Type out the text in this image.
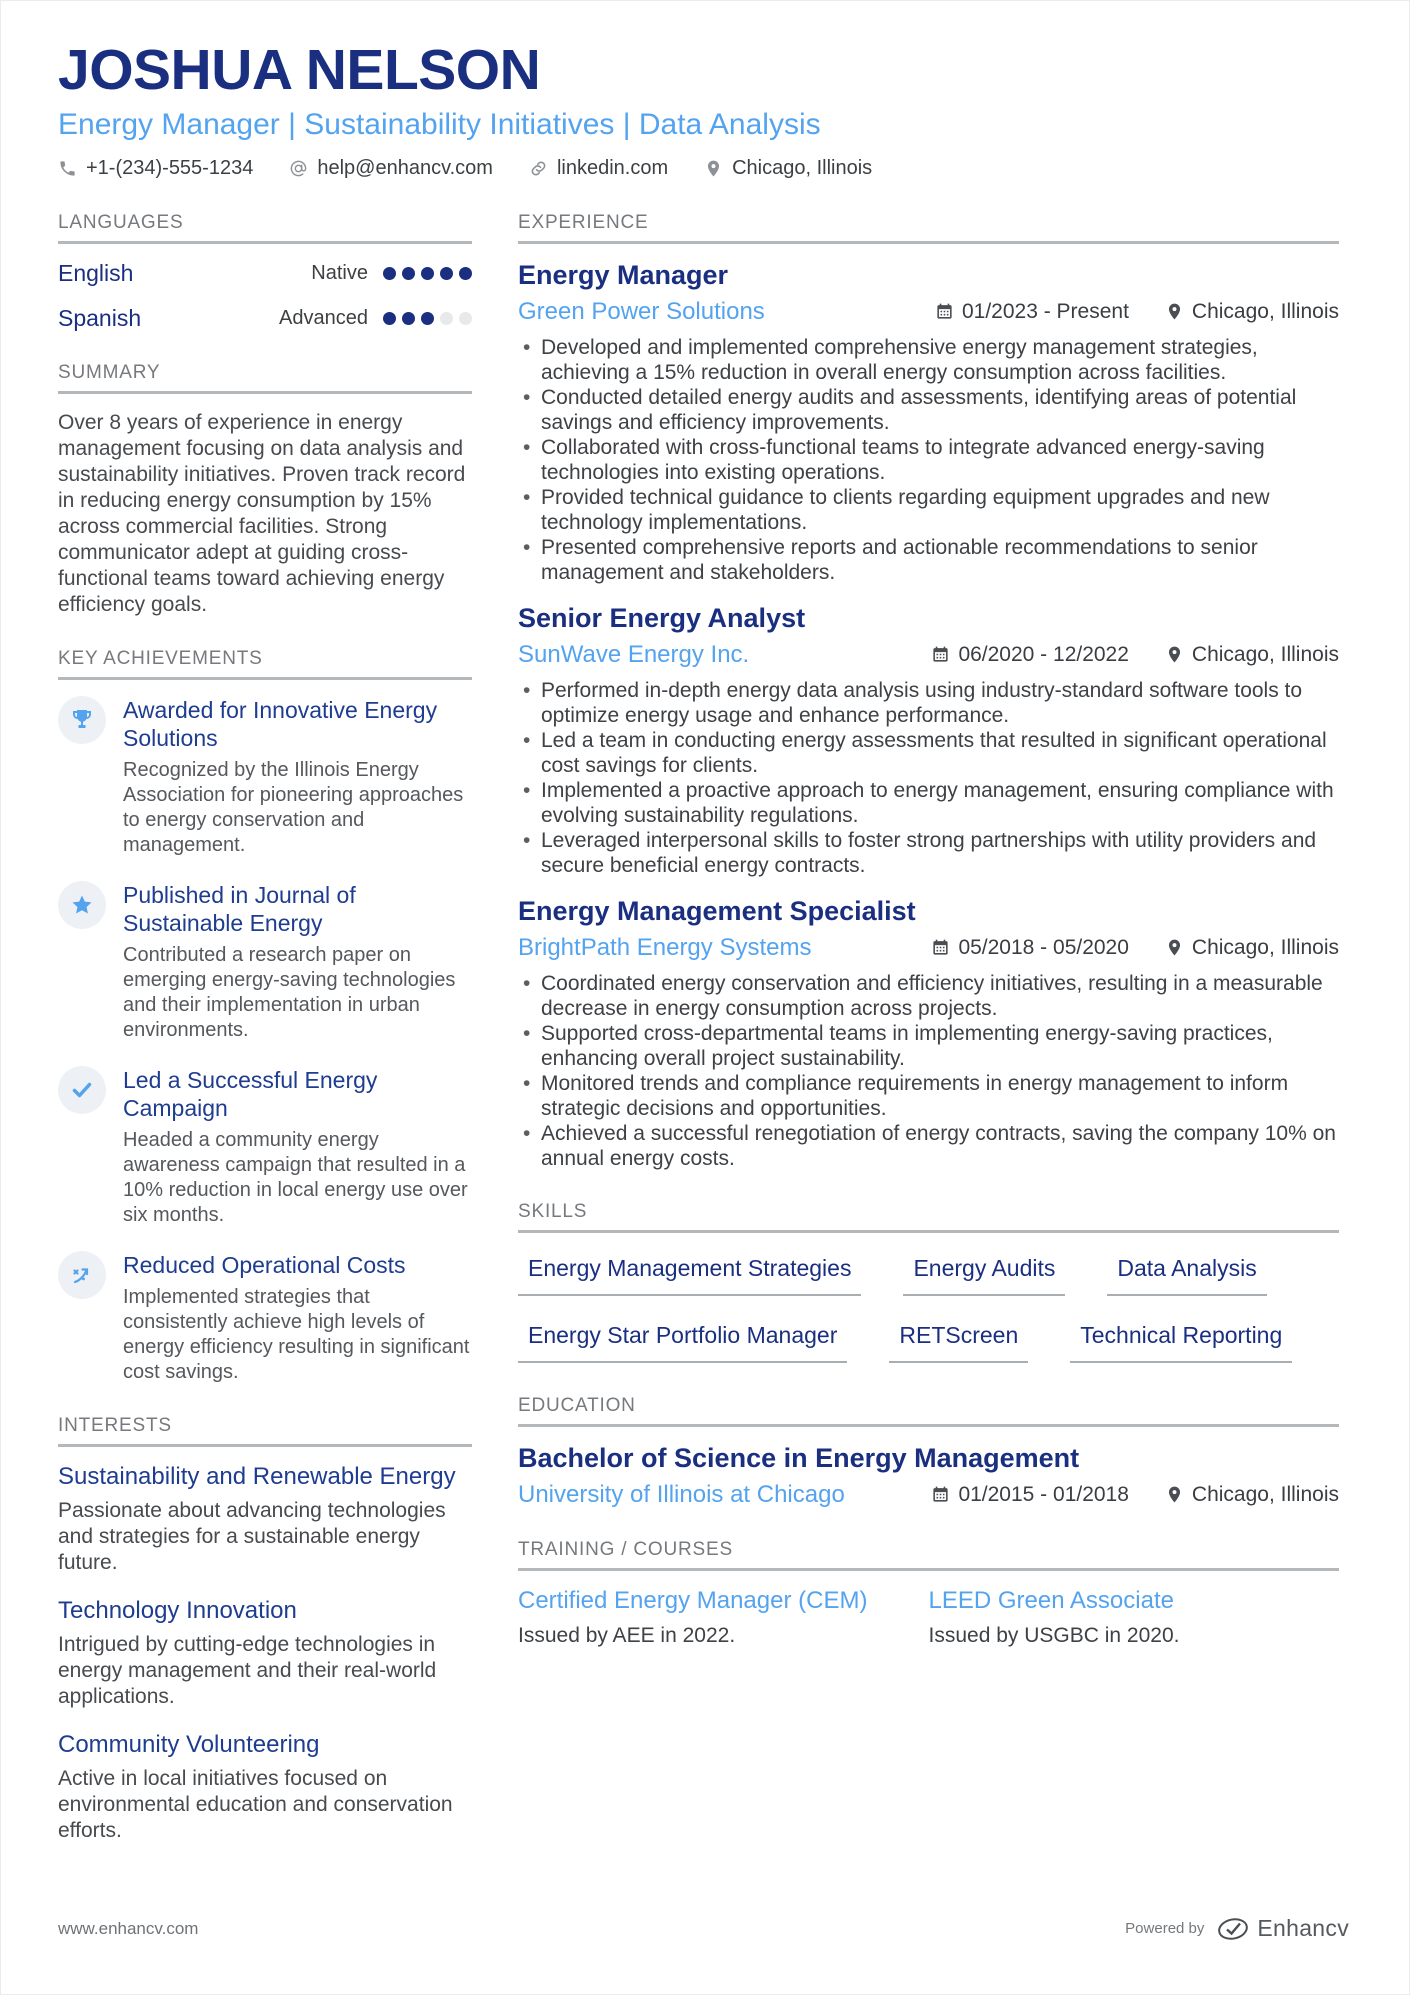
JOSHUA NELSON
Energy Manager | Sustainability Initiatives | Data Analysis
+1-(234)-555-1234	help@enhancv.com	linkedin.com	Chicago, Illinois
LANGUAGES
English	Native
Spanish	Advanced
SUMMARY
Over 8 years of experience in energy management focusing on data analysis and sustainability initiatives. Proven track record in reducing energy consumption by 15% across commercial facilities. Strong communicator adept at guiding cross-functional teams toward achieving energy efficiency goals.
KEY ACHIEVEMENTS
Awarded for Innovative Energy Solutions
Recognized by the Illinois Energy Association for pioneering approaches to energy conservation and management.
Published in Journal of Sustainable Energy
Contributed a research paper on emerging energy-saving technologies and their implementation in urban environments.
Led a Successful Energy Campaign
Headed a community energy awareness campaign that resulted in a 10% reduction in local energy use over six months.
Reduced Operational Costs
Implemented strategies that consistently achieve high levels of energy efficiency resulting in significant cost savings.
INTERESTS
Sustainability and Renewable Energy
Passionate about advancing technologies and strategies for a sustainable energy future.
Technology Innovation
Intrigued by cutting-edge technologies in energy management and their real-world applications.
Community Volunteering
Active in local initiatives focused on environmental education and conservation efforts.
EXPERIENCE
Energy Manager
Green Power Solutions	01/2023 - Present	Chicago, Illinois
• Developed and implemented comprehensive energy management strategies, achieving a 15% reduction in overall energy consumption across facilities.
• Conducted detailed energy audits and assessments, identifying areas of potential savings and efficiency improvements.
• Collaborated with cross-functional teams to integrate advanced energy-saving technologies into existing operations.
• Provided technical guidance to clients regarding equipment upgrades and new technology implementations.
• Presented comprehensive reports and actionable recommendations to senior management and stakeholders.
Senior Energy Analyst
SunWave Energy Inc.	06/2020 - 12/2022	Chicago, Illinois
• Performed in-depth energy data analysis using industry-standard software tools to optimize energy usage and enhance performance.
• Led a team in conducting energy assessments that resulted in significant operational cost savings for clients.
• Implemented a proactive approach to energy management, ensuring compliance with evolving sustainability regulations.
• Leveraged interpersonal skills to foster strong partnerships with utility providers and secure beneficial energy contracts.
Energy Management Specialist
BrightPath Energy Systems	05/2018 - 05/2020	Chicago, Illinois
• Coordinated energy conservation and efficiency initiatives, resulting in a measurable decrease in energy consumption across projects.
• Supported cross-departmental teams in implementing energy-saving practices, enhancing overall project sustainability.
• Monitored trends and compliance requirements in energy management to inform strategic decisions and opportunities.
• Achieved a successful renegotiation of energy contracts, saving the company 10% on annual energy costs.
SKILLS
Energy Management Strategies	Energy Audits	Data Analysis
Energy Star Portfolio Manager	RETScreen	Technical Reporting
EDUCATION
Bachelor of Science in Energy Management
University of Illinois at Chicago	01/2015 - 01/2018	Chicago, Illinois
TRAINING / COURSES
Certified Energy Manager (CEM)
Issued by AEE in 2022.
LEED Green Associate
Issued by USGBC in 2020.
www.enhancv.com	Powered by Enhancv
